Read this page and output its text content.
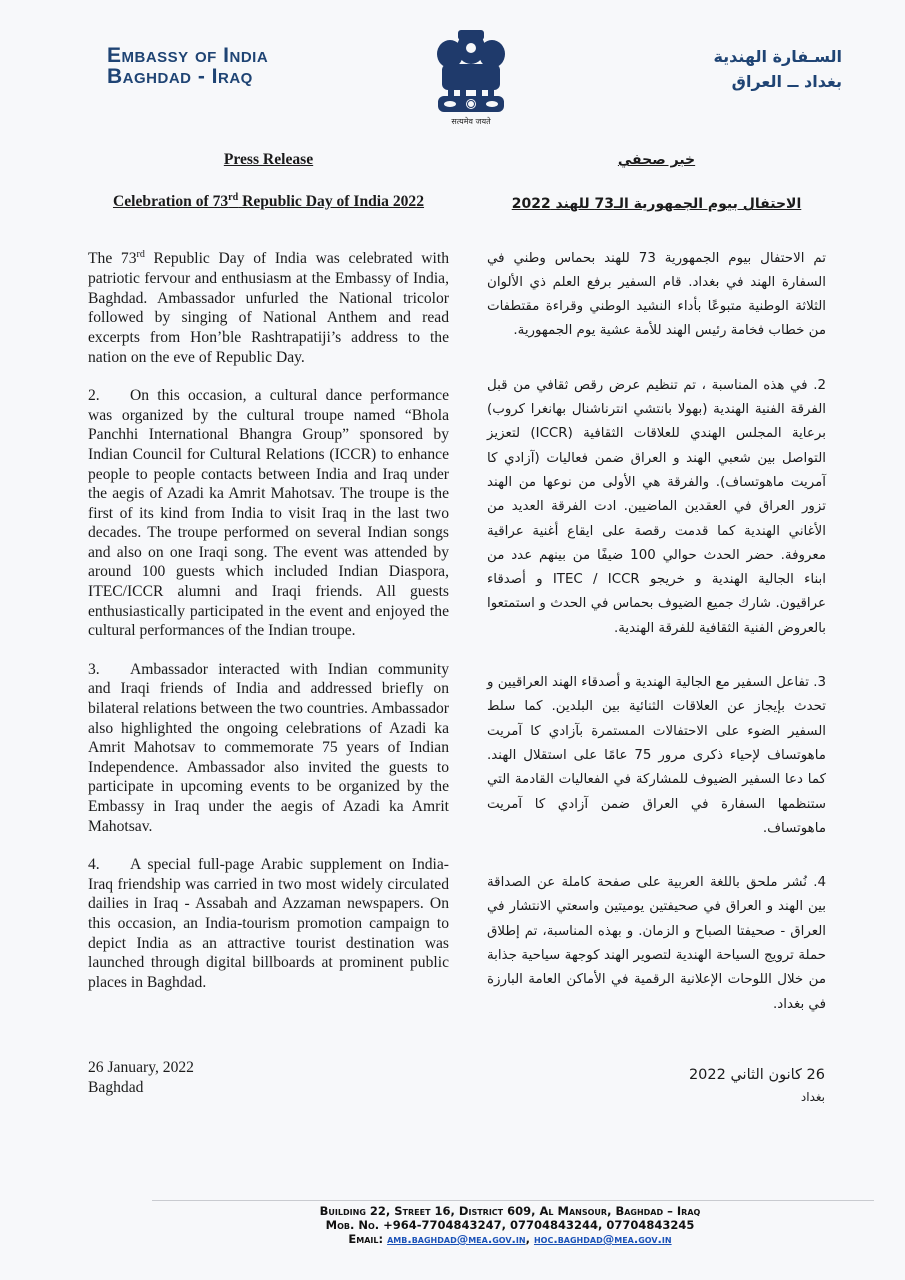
Embassy of India
Baghdad - Iraq
सत्यमेव जयते
السـفارة الهندية
بغداد ــ العراق

Press Release

Celebration of 73rd Republic Day of India 2022

The 73rd Republic Day of India was celebrated with patriotic fervour and enthusiasm at the Embassy of India, Baghdad. Ambassador unfurled the National tricolor followed by singing of National Anthem and read excerpts from Hon’ble Rashtrapatiji’s address to the nation on the eve of Republic Day.

2. On this occasion, a cultural dance performance was organized by the cultural troupe named “Bhola Panchhi International Bhangra Group” sponsored by Indian Council for Cultural Relations (ICCR) to enhance people to people contacts between India and Iraq under the aegis of Azadi ka Amrit Mahotsav. The troupe is the first of its kind from India to visit Iraq in the last two decades. The troupe performed on several Indian songs and also on one Iraqi song. The event was attended by around 100 guests which included Indian Diaspora, ITEC/ICCR alumni and Iraqi friends. All guests enthusiastically participated in the event and enjoyed the cultural performances of the Indian troupe.

3. Ambassador interacted with Indian community and Iraqi friends of India and addressed briefly on bilateral relations between the two countries. Ambassador also highlighted the ongoing celebrations of Azadi ka Amrit Mahotsav to commemorate 75 years of Indian Independence. Ambassador also invited the guests to participate in upcoming events to be organized by the Embassy in Iraq under the aegis of Azadi ka Amrit Mahotsav.

4. A special full-page Arabic supplement on India-Iraq friendship was carried in two most widely circulated dailies in Iraq - Assabah and Azzaman newspapers. On this occasion, an India-tourism promotion campaign to depict India as an attractive tourist destination was launched through digital billboards at prominent public places in Baghdad.

خبر صحفي

الاحتفال بيوم الجمهورية الـ73 للهند 2022

تم الاحتفال بيوم الجمهورية 73 للهند بحماس وطني في السفارة الهند في بغداد. قام السفير برفع العلم ذي الألوان الثلاثة الوطنية متبوعًا بأداء النشيد الوطني وقراءة مقتطفات من خطاب فخامة رئيس الهند للأمة عشية يوم الجمهورية.

2. في هذه المناسبة ، تم تنظيم عرض رقص ثقافي من قبل الفرقة الفنية الهندية (بهولا بانتشي انترناشنال بهانغرا كروب) برعاية المجلس الهندي للعلاقات الثقافية (ICCR) لتعزيز التواصل بين شعبي الهند و العراق ضمن فعاليات (آزادي كا آمريت ماهوتساف). والفرقة هي الأولى من نوعها من الهند تزور العراق في العقدين الماضيين. ادت الفرقة العديد من الأغاني الهندية كما قدمت رقصة على ايقاع أغنية عراقية معروفة. حضر الحدث حوالي 100 ضيفًا من بينهم عدد من ابناء الجالية الهندية و خريجو ITEC / ICCR و أصدقاء عراقيون. شارك جميع الضيوف بحماس في الحدث و استمتعوا بالعروض الفنية الثقافية للفرقة الهندية.

3. تفاعل السفير مع الجالية الهندية و أصدقاء الهند العراقيين و تحدث بإيجاز عن العلاقات الثنائية بين البلدين. كما سلط السفير الضوء على الاحتفالات المستمرة بآزادي كا آمريت ماهوتساف لإحياء ذكرى مرور 75 عامًا على استقلال الهند. كما دعا السفير الضيوف للمشاركة في الفعاليات القادمة التي ستنظمها السفارة في العراق ضمن آزادي كا آمريت ماهوتساف.

4. نُشر ملحق باللغة العربية على صفحة كاملة عن الصداقة بين الهند و العراق في صحيفتين يوميتين واسعتي الانتشار في العراق - صحيفتا الصباح و الزمان. و بهذه المناسبة، تم إطلاق حملة ترويج السياحة الهندية لتصوير الهند كوجهة سياحية جذابة من خلال اللوحات الإعلانية الرقمية في الأماكن العامة البارزة في بغداد.

26 January, 2022
Baghdad
26 كانون الثاني 2022
بغداد
Building 22, Street 16, District 609, Al Mansour, Baghdad – Iraq
Mob. No. +964-7704843247, 07704843244, 07704843245
Email: amb.baghdad@mea.gov.in, hoc.baghdad@mea.gov.in
